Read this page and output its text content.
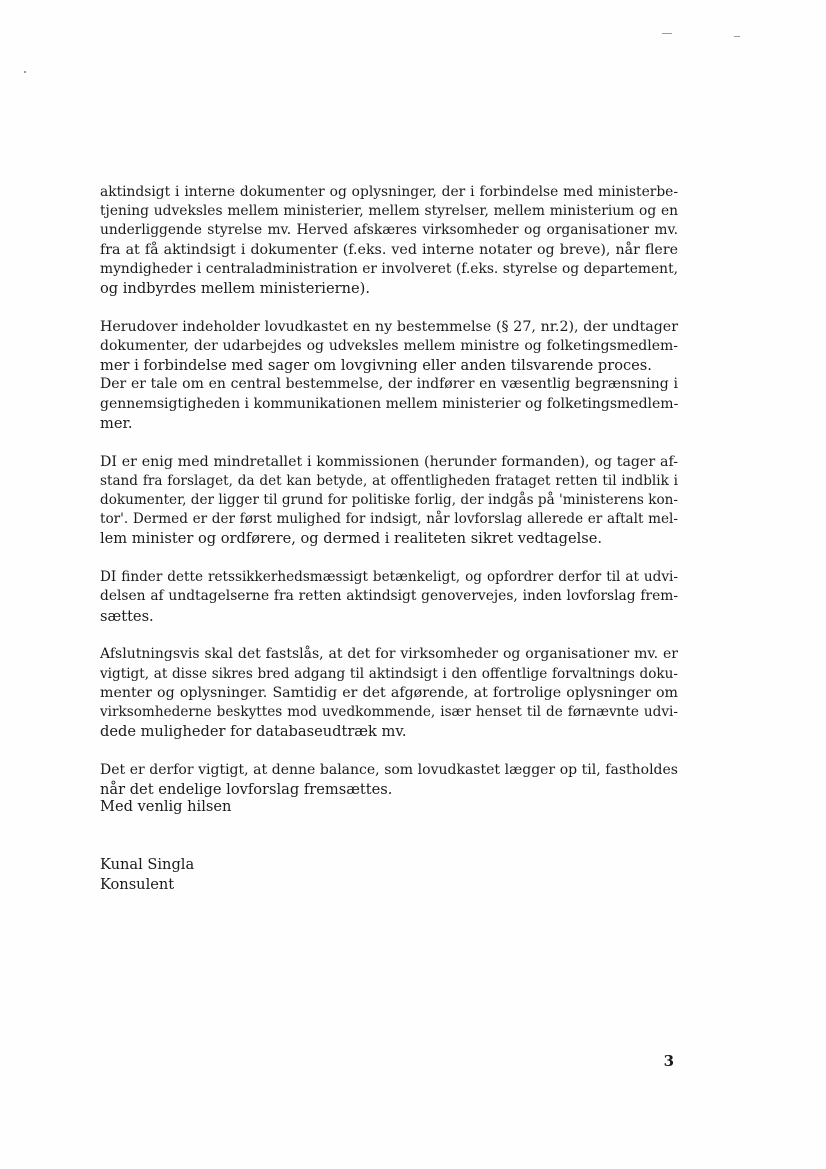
aktindsigt i interne dokumenter og oplysninger, der i forbindelse med ministerbe-
tjening udveksles mellem ministerier, mellem styrelser, mellem ministerium og en
underliggende styrelse mv. Herved afskæres virksomheder og organisationer mv.
fra at få aktindsigt i dokumenter (f.eks. ved interne notater og breve), når flere
myndigheder i centraladministration er involveret (f.eks. styrelse og departement,
og indbyrdes mellem ministerierne).
Herudover indeholder lovudkastet en ny bestemmelse (§ 27, nr.2), der undtager
dokumenter, der udarbejdes og udveksles mellem ministre og folketingsmedlem-
mer i forbindelse med sager om lovgivning eller anden tilsvarende proces.
Der er tale om en central bestemmelse, der indfører en væsentlig begrænsning i
gennemsigtigheden i kommunikationen mellem ministerier og folketingsmedlem-
mer.
DI er enig med mindretallet i kommissionen (herunder formanden), og tager af-
stand fra forslaget, da det kan betyde, at offentligheden frataget retten til indblik i
dokumenter, der ligger til grund for politiske forlig, der indgås på 'ministerens kon-
tor'. Dermed er der først mulighed for indsigt, når lovforslag allerede er aftalt mel-
lem minister og ordførere, og dermed i realiteten sikret vedtagelse.
DI finder dette retssikkerhedsmæssigt betænkeligt, og opfordrer derfor til at udvi-
delsen af undtagelserne fra retten aktindsigt genovervejes, inden lovforslag frem-
sættes.
Afslutningsvis skal det fastslås, at det for virksomheder og organisationer mv. er
vigtigt, at disse sikres bred adgang til aktindsigt i den offentlige forvaltnings doku-
menter og oplysninger. Samtidig er det afgørende, at fortrolige oplysninger om
virksomhederne beskyttes mod uvedkommende, især henset til de førnævnte udvi-
dede muligheder for databaseudtræk mv.
Det er derfor vigtigt, at denne balance, som lovudkastet lægger op til, fastholdes
når det endelige lovforslag fremsættes.
Med venlig hilsen
Kunal Singla
Konsulent
3
